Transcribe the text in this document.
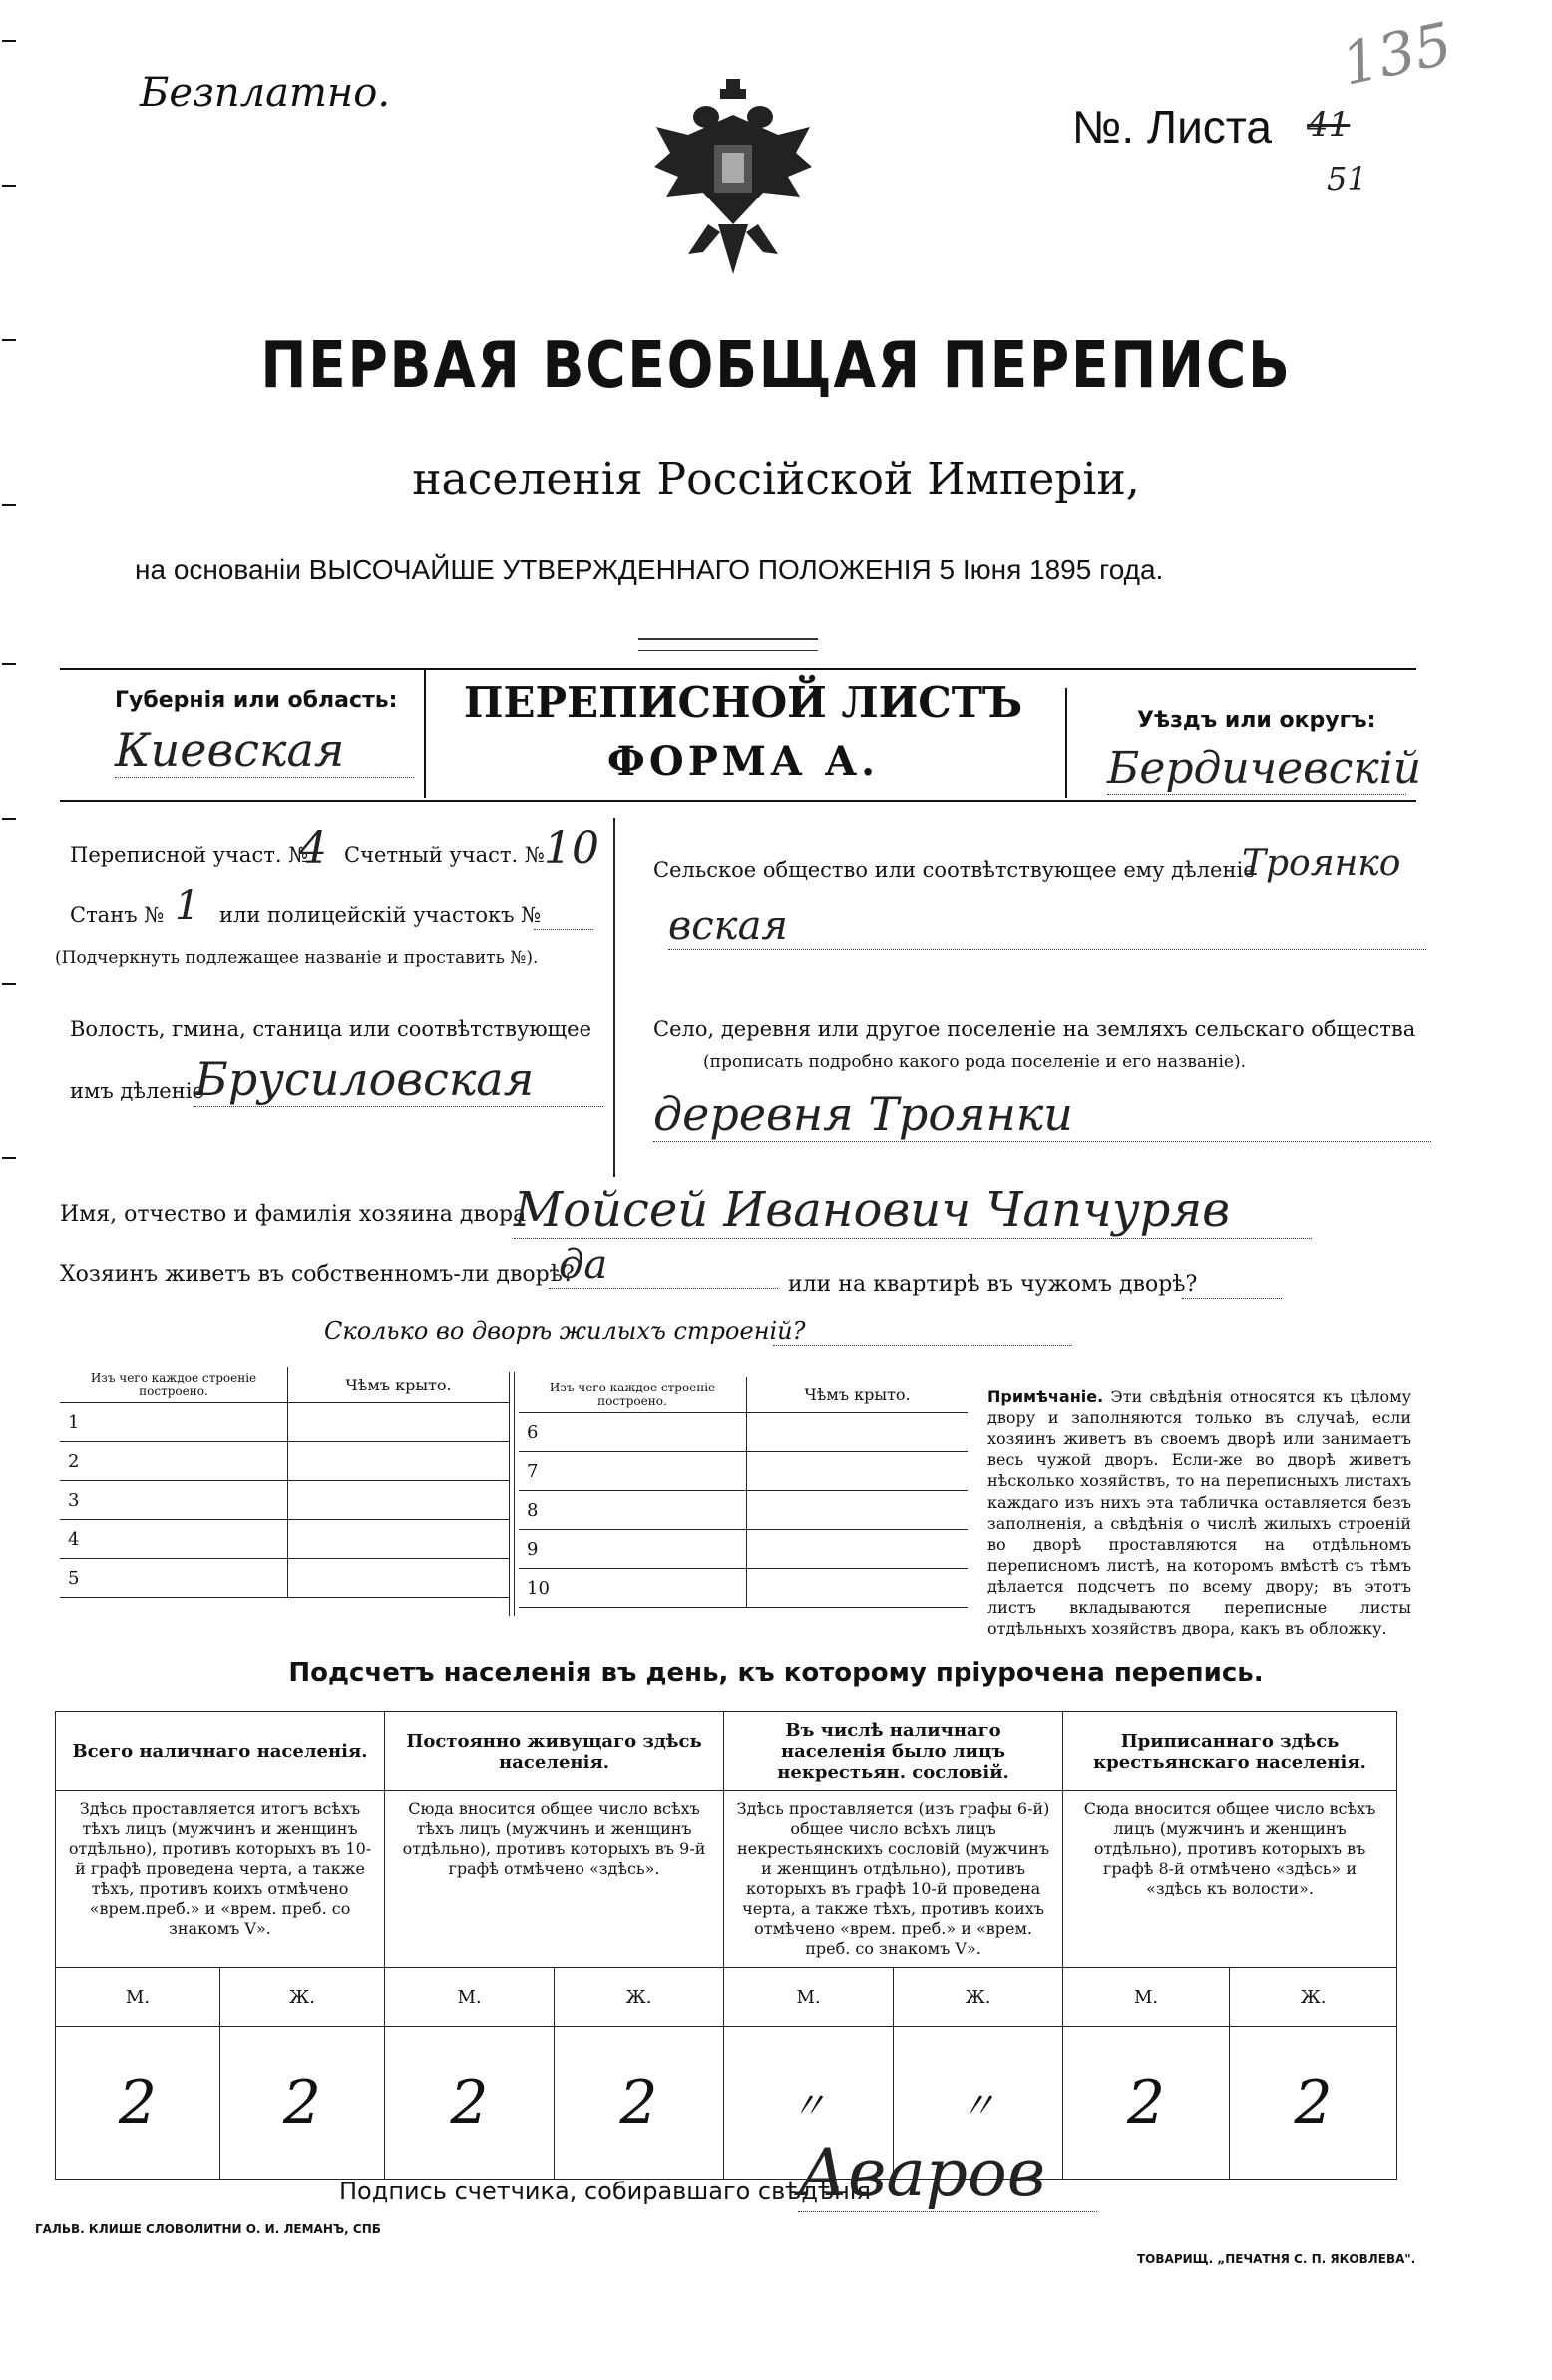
Безплатно.
№. Листа 41
51
135
ПЕРВАЯ ВСЕОБЩАЯ ПЕРЕПИСЬ
населенія Россійской Имперіи,
на основаніи ВЫСОЧАЙШЕ УТВЕРЖДЕННАГО ПОЛОЖЕНІЯ 5 Іюня 1895 года.
Губернія или область:
Киевская
ПЕРЕПИСНОЙ ЛИСТЪ
ФОРМА А.
Уѣздъ или округъ:
Бердичевскій
Переписной участ. №
4 Счетный участ. № 10
Станъ № 1 или полицейскій участокъ №
(Подчеркнуть подлежащее названіе и проставить №).
Волость, гмина, станица или соотвѣтствующее
имъ дѣленіе
Брусиловская
Сельское общество или соотвѣтствующее ему дѣленіе
Троянко
вская
Село, деревня или другое поселеніе на земляхъ сельскаго общества
(прописать подробно какого рода поселеніе и его названіе).
деревня Троянки
Имя, отчество и фамилія хозяина двора
Мойсей Иванович Чапчуряв
Хозяинъ живетъ въ собственномъ-ли дворѣ?
да	или на квартирѣ въ чужомъ дворѣ?
Сколько во дворѣ жилыхъ строеній?
Изъ чего каждое строеніе построено.	Чѣмъ крыто.
1	
2	
3	
4	
5	
Изъ чего каждое строеніе построено.	Чѣмъ крыто.
6	
7	
8	
9	
10	
Примѣчаніе. Эти свѣдѣнія относятся къ цѣлому двору и заполняются только въ случаѣ, если хозяинъ живетъ въ своемъ дворѣ или занимаетъ весь чужой дворъ. Если-же во дворѣ живетъ нѣсколько хозяйствъ, то на переписныхъ листахъ каждаго изъ нихъ эта табличка оставляется безъ заполненія, а свѣдѣнія о числѣ жилыхъ строеній во дворѣ проставляются на отдѣльномъ переписномъ листѣ, на которомъ вмѣстѣ съ тѣмъ дѣлается подсчетъ по всему двору; въ этотъ листъ вкладываются переписные листы отдѣльныхъ хозяйствъ двора, какъ въ обложку.
Подсчетъ населенія въ день, къ которому пріурочена перепись.
Всего наличнаго населенія.		Постоянно живущаго здѣсь населенія.		Въ числѣ наличнаго населенія было лицъ некрестьян. сословій.		Приписаннаго здѣсь крестьянскаго населенія.	
Здѣсь проставляется итогъ всѣхъ тѣхъ лицъ (мужчинъ и женщинъ отдѣльно), противъ которыхъ въ 10-й графѣ проведена черта, а также тѣхъ, противъ коихъ отмѣчено «врем.преб.» и «врем. преб. со знакомъ V».		Сюда вносится общее число всѣхъ тѣхъ лицъ (мужчинъ и женщинъ отдѣльно), противъ которыхъ въ 9-й графѣ отмѣчено «здѣсь».		Здѣсь проставляется (изъ графы 6-й) общее число всѣхъ лицъ некрестьянскихъ сословій (мужчинъ и женщинъ отдѣльно), противъ которыхъ въ графѣ 10-й проведена черта, а также тѣхъ, противъ коихъ отмѣчено «врем. преб.» и «врем. преб. со знакомъ V».		Сюда вносится общее число всѣхъ лицъ (мужчинъ и женщинъ отдѣльно), противъ которыхъ въ графѣ 8-й отмѣчено «здѣсь» и «здѣсь къ волости».	
М.	Ж.	М.	Ж.	М.	Ж.	М.	Ж.
2	2	2	2	〃	〃	2	2
Подпись счетчика, собиравшаго свѣдѣнія
Аваров
ГАЛЬВ. КЛИШЕ СЛОВОЛИТНИ О. И. ЛЕМАНЪ, СПБ
ТОВАРИЩ. „ПЕЧАТНЯ С. П. ЯКОВЛЕВА".
